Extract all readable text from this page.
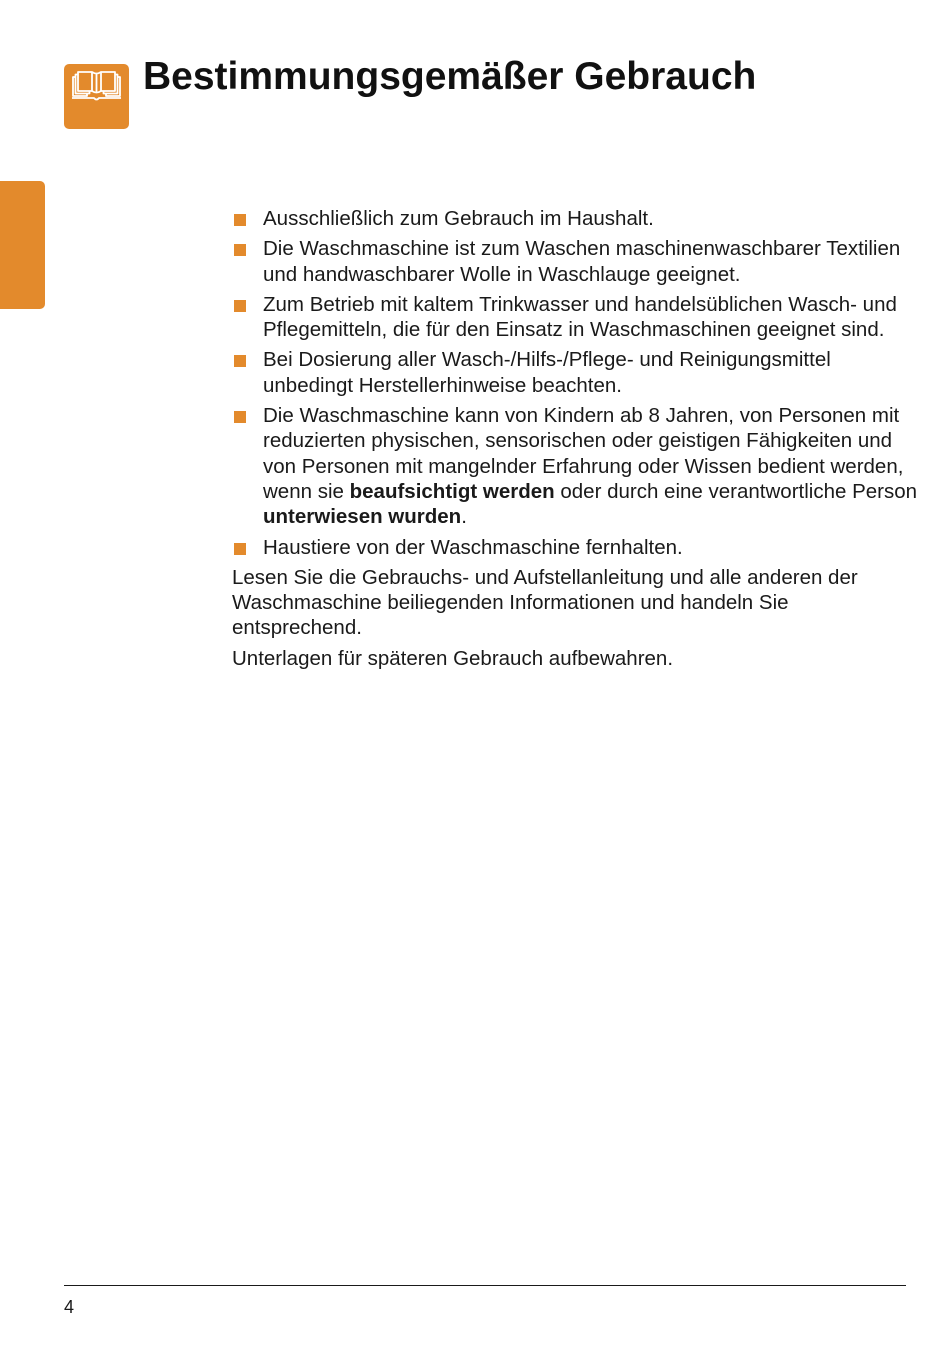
Bestimmungsgemäßer Gebrauch
Ausschließlich zum Gebrauch im Haushalt.
Die Waschmaschine ist zum Waschen maschinenwaschbarer Textilien und handwaschbarer Wolle in Waschlauge geeignet.
Zum Betrieb mit kaltem Trinkwasser und handelsüblichen Wasch- und Pflegemitteln, die für den Einsatz in Waschmaschinen geeignet sind.
Bei Dosierung aller Wasch-/Hilfs-/Pflege- und Reinigungsmittel unbedingt Herstellerhinweise beachten.
Die Waschmaschine kann von Kindern ab 8 Jahren, von Personen mit reduzierten physischen, sensorischen oder geistigen Fähigkeiten und von Personen mit mangelnder Erfahrung oder Wissen bedient werden, wenn sie beaufsichtigt werden oder durch eine verantwortliche Person unterwiesen wurden.
Haustiere von der Waschmaschine fernhalten.

Lesen Sie die Gebrauchs- und Aufstellanleitung und alle anderen der Waschmaschine beiliegenden Informationen und handeln Sie entsprechend.

Unterlagen für späteren Gebrauch aufbewahren.

4
